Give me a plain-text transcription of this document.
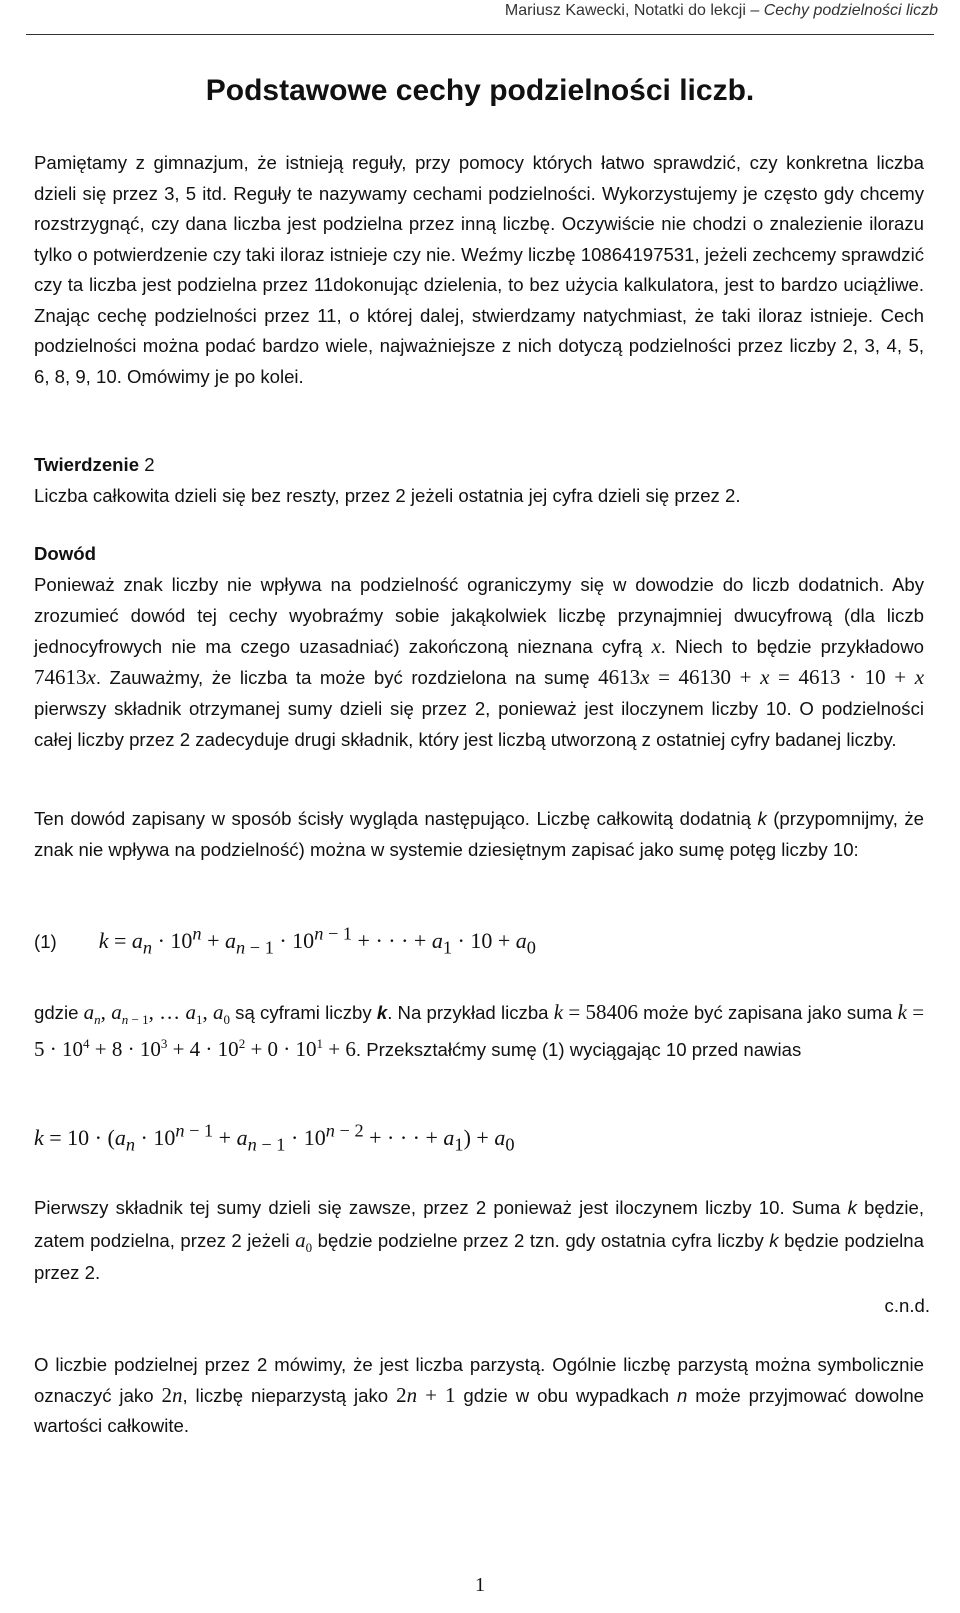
Mariusz Kawecki, Notatki do lekcji – Cechy podzielności liczb
Podstawowe cechy podzielności liczb.
Pamiętamy z gimnazjum, że istnieją reguły, przy pomocy których łatwo sprawdzić, czy konkretna liczba dzieli się przez 3, 5 itd. Reguły te nazywamy cechami podzielności. Wykorzystujemy je często gdy chcemy rozstrzygnąć, czy dana liczba jest podzielna przez inną liczbę. Oczywiście nie chodzi o znalezienie ilorazu tylko o potwierdzenie czy taki iloraz istnieje czy nie. Weźmy liczbę 10864197531, jeżeli zechcemy sprawdzić czy ta liczba jest podzielna przez 11dokonując dzielenia, to bez użycia kalkulatora, jest to bardzo uciążliwe. Znając cechę podzielności przez 11, o której dalej, stwierdzamy natychmiast, że taki iloraz istnieje. Cech podzielności można podać bardzo wiele, najważniejsze z nich dotyczą podzielności przez liczby 2, 3, 4, 5, 6, 8, 9, 10. Omówimy je po kolei.
Twierdzenie 2
Liczba całkowita dzieli się bez reszty, przez 2 jeżeli ostatnia jej cyfra dzieli się przez 2.
Dowód
Ponieważ znak liczby nie wpływa na podzielność ograniczymy się w dowodzie do liczb dodatnich. Aby zrozumieć dowód tej cechy wyobraźmy sobie jakąkolwiek liczbę przynajmniej dwucyfrową (dla liczb jednocyfrowych nie ma czego uzasadniać) zakończoną nieznana cyfrą x. Niech to będzie przykładowo 74613x. Zauważmy, że liczba ta może być rozdzielona na sumę 4613x = 46130 + x = 4613 · 10 + x pierwszy składnik otrzymanej sumy dzieli się przez 2, ponieważ jest iloczynem liczby 10. O podzielności całej liczby przez 2 zadecyduje drugi składnik, który jest liczbą utworzoną z ostatniej cyfry badanej liczby.
Ten dowód zapisany w sposób ścisły wygląda następująco. Liczbę całkowitą dodatnią k (przypomnijmy, że znak nie wpływa na podzielność) można w systemie dziesiętnym zapisać jako sumę potęg liczby 10:
(1) $k = a_n \cdot 10^n + a_{n - 1} \cdot 10^{n - 1}$ + · · · + $a_1 \cdot 10 + a_0$
gdzie $a_n$, $a_{n - 1}$, … $a_1$, $a_0$ są cyframi liczby k. Na przykład liczba k = 58406 może być zapisana jako suma $k = 5 \cdot 10^4 + 8 \cdot 10^3 + 4 \cdot 10^2 + 0 \cdot 10^1 + 6$. Przekształćmy sumę (1) wyciągając 10 przed nawias
$k = 10 \cdot (a_n \cdot 10^{n - 1} + a_{n - 1} \cdot 10^{n - 2}$ + · · · + $a_1) + a_0$
Pierwszy składnik tej sumy dzieli się zawsze, przez 2 ponieważ jest iloczynem liczby 10. Suma k będzie, zatem podzielna, przez 2 jeżeli $a_0$ będzie podzielne przez 2 tzn. gdy ostatnia cyfra liczby k będzie podzielna przez 2.
c.n.d.
O liczbie podzielnej przez 2 mówimy, że jest liczba parzystą. Ogólnie liczbę parzystą można symbolicznie oznaczyć jako 2n, liczbę nieparzystą jako 2n + 1 gdzie w obu wypadkach n może przyjmować dowolne wartości całkowite.
1
